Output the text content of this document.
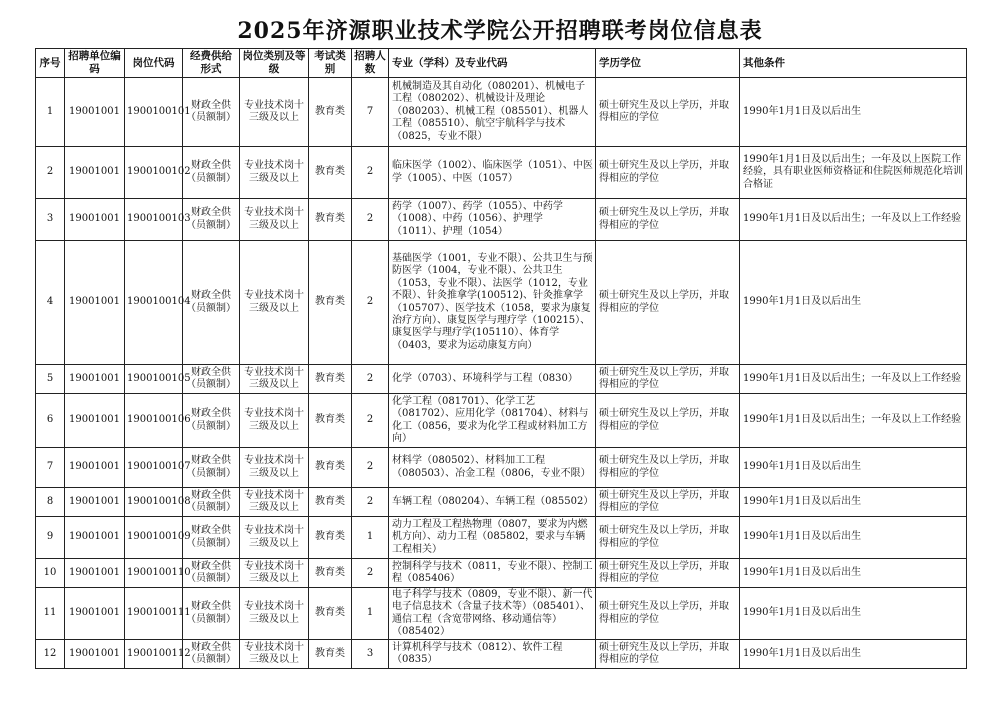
2025年济源职业技术学院公开招聘联考岗位信息表
序号	招聘单位编码	岗位代码	经费供给形式	岗位类别及等级	考试类别	招聘人数	专业（学科）及专业代码	学历学位	其他条件
1	19001001	1900100101	财政全供（员额制）	专业技术岗十三级及以上	教育类	7	机械制造及其自动化（080201）、机械电子工程（080202）、机械设计及理论（080203）、机械工程（085501）、机器人工程（085510）、航空宇航科学与技术（0825，专业不限）	硕士研究生及以上学历，并取得相应的学位	1990年1月1日及以后出生
2	19001001	1900100102	财政全供（员额制）	专业技术岗十三级及以上	教育类	2	临床医学（1002）、临床医学（1051）、中医学（1005）、中医（1057）	硕士研究生及以上学历，并取得相应的学位	1990年1月1日及以后出生；一年及以上医院工作经验，具有职业医师资格证和住院医师规范化培训合格证
3	19001001	1900100103	财政全供（员额制）	专业技术岗十三级及以上	教育类	2	药学（1007）、药学（1055）、中药学（1008）、中药（1056）、护理学（1011）、护理（1054）	硕士研究生及以上学历，并取得相应的学位	1990年1月1日及以后出生；一年及以上工作经验
4	19001001	1900100104	财政全供（员额制）	专业技术岗十三级及以上	教育类	2	基础医学（1001，专业不限）、公共卫生与预防医学（1004，专业不限）、公共卫生（1053，专业不限）、法医学（1012，专业不限）、针灸推拿学(100512)、针灸推拿学（105707）、医学技术（1058，要求为康复治疗方向）、康复医学与理疗学（100215）、康复医学与理疗学(105110）、体育学（0403，要求为运动康复方向）	硕士研究生及以上学历，并取得相应的学位	1990年1月1日及以后出生
5	19001001	1900100105	财政全供（员额制）	专业技术岗十三级及以上	教育类	2	化学（0703）、环境科学与工程（0830）	硕士研究生及以上学历，并取得相应的学位	1990年1月1日及以后出生；一年及以上工作经验
6	19001001	1900100106	财政全供（员额制）	专业技术岗十三级及以上	教育类	2	化学工程（081701）、化学工艺（081702）、应用化学（081704）、材料与化工（0856，要求为化学工程或材料加工方向）	硕士研究生及以上学历，并取得相应的学位	1990年1月1日及以后出生；一年及以上工作经验
7	19001001	1900100107	财政全供（员额制）	专业技术岗十三级及以上	教育类	2	材料学（080502）、材料加工工程（080503）、冶金工程（0806，专业不限）	硕士研究生及以上学历，并取得相应的学位	1990年1月1日及以后出生
8	19001001	1900100108	财政全供（员额制）	专业技术岗十三级及以上	教育类	2	车辆工程（080204）、车辆工程（085502）	硕士研究生及以上学历，并取得相应的学位	1990年1月1日及以后出生
9	19001001	1900100109	财政全供（员额制）	专业技术岗十三级及以上	教育类	1	动力工程及工程热物理（0807，要求为内燃机方向）、动力工程（085802，要求与车辆工程相关）	硕士研究生及以上学历，并取得相应的学位	1990年1月1日及以后出生
10	19001001	1900100110	财政全供（员额制）	专业技术岗十三级及以上	教育类	2	控制科学与技术（0811，专业不限）、控制工程（085406）	硕士研究生及以上学历，并取得相应的学位	1990年1月1日及以后出生
11	19001001	1900100111	财政全供（员额制）	专业技术岗十三级及以上	教育类	1	电子科学与技术（0809，专业不限）、新一代电子信息技术（含量子技术等）（085401）、通信工程（含宽带网络、移动通信等）（085402）	硕士研究生及以上学历，并取得相应的学位	1990年1月1日及以后出生
12	19001001	1900100112	财政全供（员额制）	专业技术岗十三级及以上	教育类	3	计算机科学与技术（0812）、软件工程（0835）	硕士研究生及以上学历，并取得相应的学位	1990年1月1日及以后出生
